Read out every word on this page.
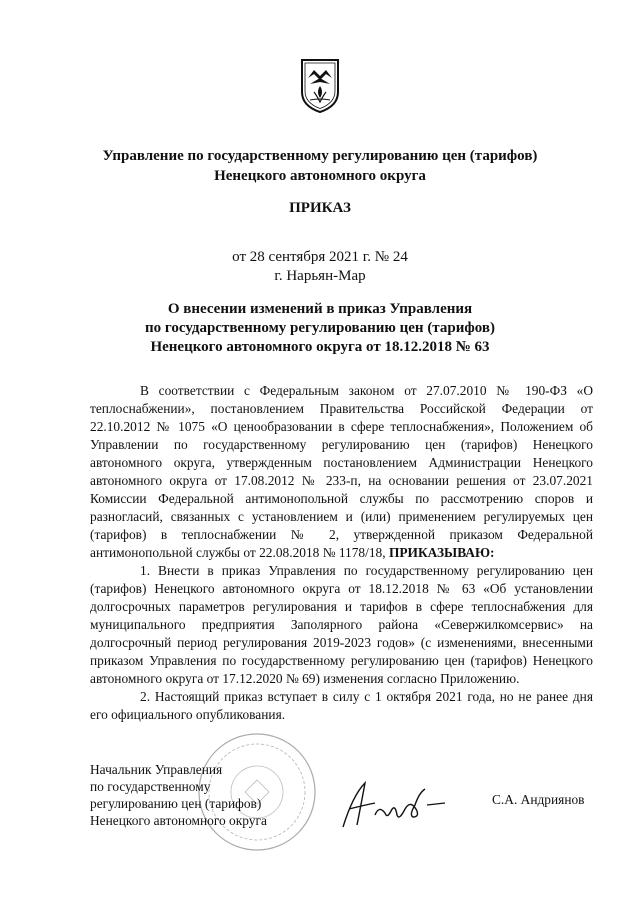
Управление по государственному регулированию цен (тарифов)
Ненецкого автономного округа
ПРИКАЗ
от 28 сентября 2021 г. № 24
г. Нарьян-Мар
О внесении изменений в приказ Управления
по государственному регулированию цен (тарифов)
Ненецкого автономного округа от 18.12.2018 № 63

В соответствии с Федеральным законом от 27.07.2010 № 190-ФЗ «О теплоснабжении», постановлением Правительства Российской Федерации от 22.10.2012 № 1075 «О ценообразовании в сфере теплоснабжения», Положением об Управлении по государственному регулированию цен (тарифов) Ненецкого автономного округа, утвержденным постановлением Администрации Ненецкого автономного округа от 17.08.2012 № 233-п, на основании решения от 23.07.2021 Комиссии Федеральной антимонопольной службы по рассмотрению споров и разногласий, связанных с установлением и (или) применением регулируемых цен (тарифов) в теплоснабжении № 2, утвержденной приказом Федеральной антимонопольной службы от 22.08.2018 № 1178/18, ПРИКАЗЫВАЮ:

1. Внести в приказ Управления по государственному регулированию цен (тарифов) Ненецкого автономного округа от 18.12.2018 № 63 «Об установлении долгосрочных параметров регулирования и тарифов в сфере теплоснабжения для муниципального предприятия Заполярного района «Севержилкомсервис» на долгосрочный период регулирования 2019-2023 годов» (с изменениями, внесенными приказом Управления по государственному регулированию цен (тарифов) Ненецкого автономного округа от 17.12.2020 № 69) изменения согласно Приложению.

2. Настоящий приказ вступает в силу с 1 октября 2021 года, но не ранее дня его официального опубликования.

Начальник Управления
по государственному
регулированию цен (тарифов)
Ненецкого автономного округа
С.А. Андриянов
